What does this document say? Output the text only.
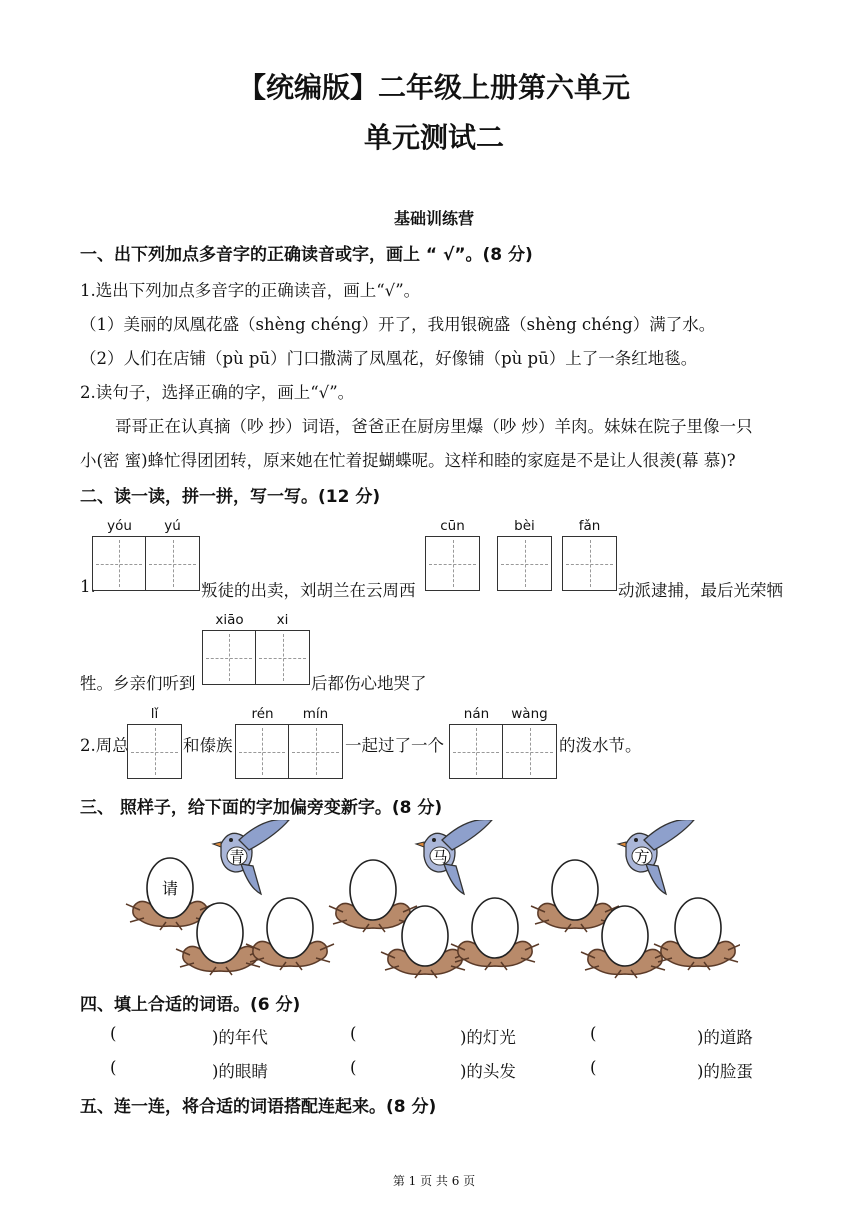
【统编版】二年级上册第六单元
单元测试二
基础训练营
一、出下列加点多音字的正确读音或字，画上 “ √”。(8 分)
1.选出下列加点多音字的正确读音，画上“√”。
（1）美丽的凤凰花盛（shèng chéng）开了，我用银碗盛（shèng chéng）满了水。
（2）人们在店铺（pù pū）门口撒满了凤凰花，好像铺（pù pū）上了一条红地毯。
2.读句子，选择正确的字，画上“√”。
哥哥正在认真摘（吵 抄）词语，爸爸正在厨房里爆（吵 炒）羊肉。妹妹在院子里像一只
小(密 蜜)蜂忙得团团转，原来她在忙着捉蝴蝶呢。这样和睦的家庭是不是让人很羡(幕 慕)?
二、读一读，拼一拼，写一写。(12 分)
yóu	yú	cūn	bèi	fǎn
1.	叛徒的出卖，刘胡兰在云周西	动派逮捕，最后光荣牺
xiāo	xi
牲。乡亲们听到	后都伤心地哭了
lǐ	rén	mín	nán	wàng
2.周总	和傣族	一起过了一个	的泼水节。
三、 照样子，给下面的字加偏旁变新字。(8 分)
青	马	方
请
四、填上合适的词语。(6 分)
(	)的年代	(	)的灯光	(	)的道路
(	)的眼睛	(	)的头发	(	)的脸蛋
五、连一连，将合适的词语搭配连起来。(8 分)
第 1 页 共 6 页
